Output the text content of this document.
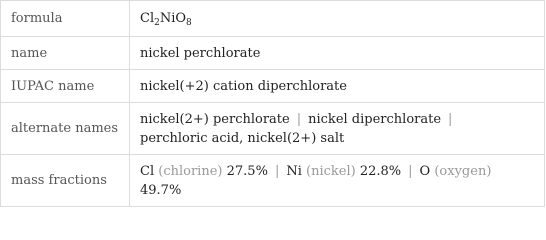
formula	$Cl_2NiO_8$
name	nickel perchlorate
IUPAC name	nickel(+2) cation diperchlorate
alternate names	nickel(2+) perchlorate | nickel diperchlorate |
perchloric acid, nickel(2+) salt
mass fractions	Cl (chlorine) 27.5% | Ni (nickel) 22.8% | O (oxygen)
49.7%
